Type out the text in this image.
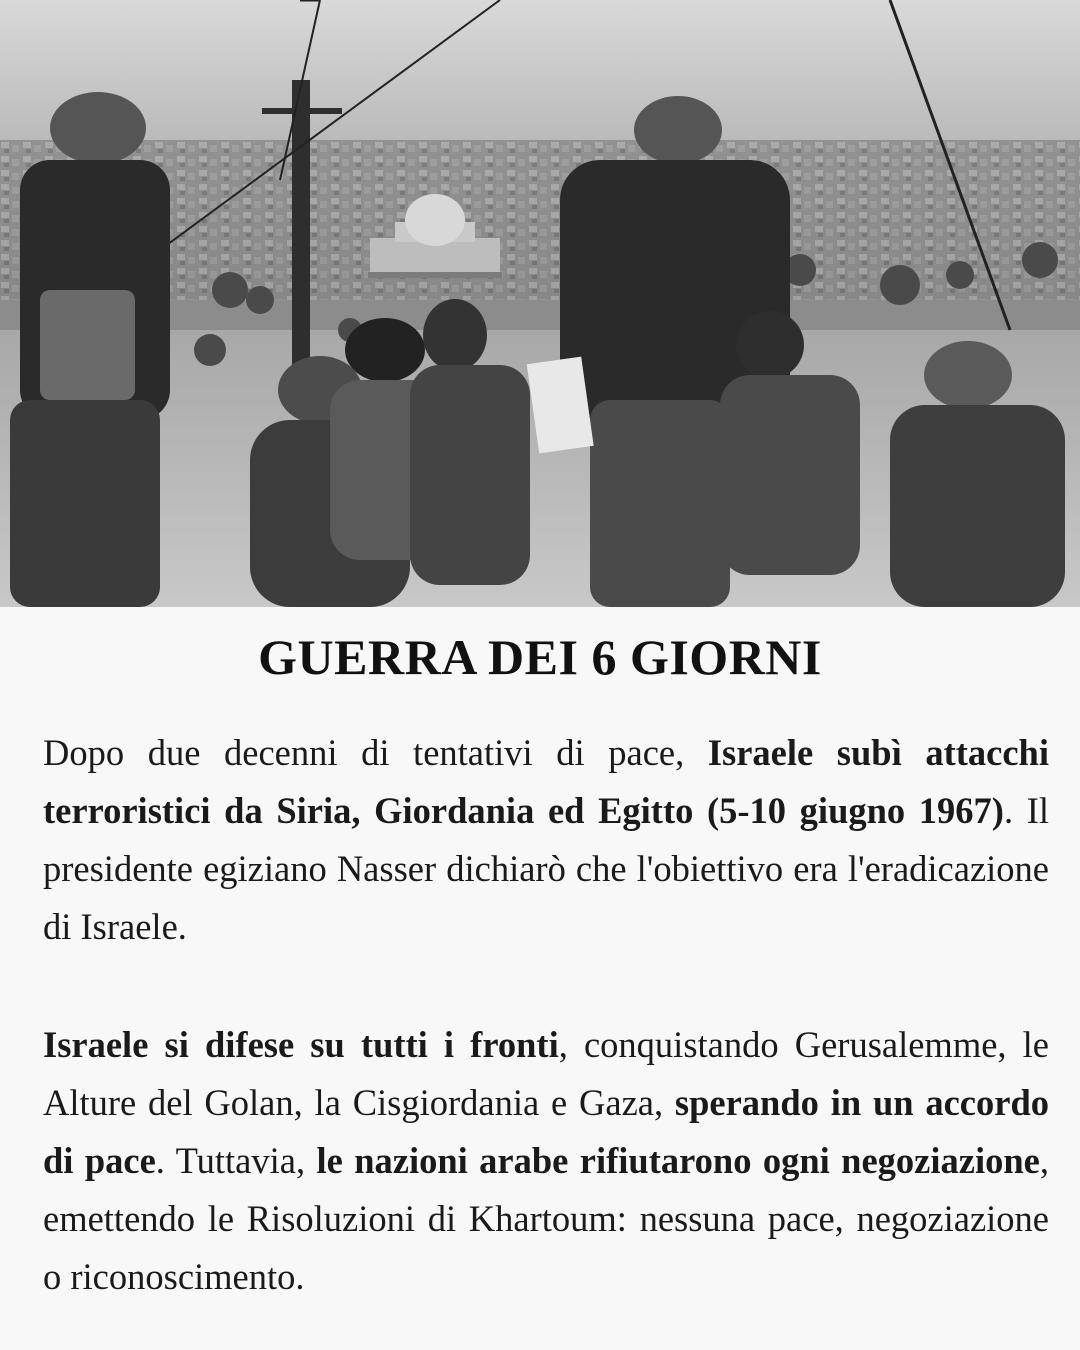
GUERRA DEI 6 GIORNI

Dopo due decenni di tentativi di pace, Israele subì attacchi terroristici da Siria, Giordania ed Egitto (5-10 giugno 1967). Il presidente egiziano Nasser dichiarò che l'obiettivo era l'eradicazione di Israele.

Israele si difese su tutti i fronti, conquistando Gerusalemme, le Alture del Golan, la Cisgiordania e Gaza, sperando in un accordo di pace. Tuttavia, le nazioni arabe rifiutarono ogni negoziazione, emettendo le Risoluzioni di Khartoum: nessuna pace, negoziazione o riconoscimento.
